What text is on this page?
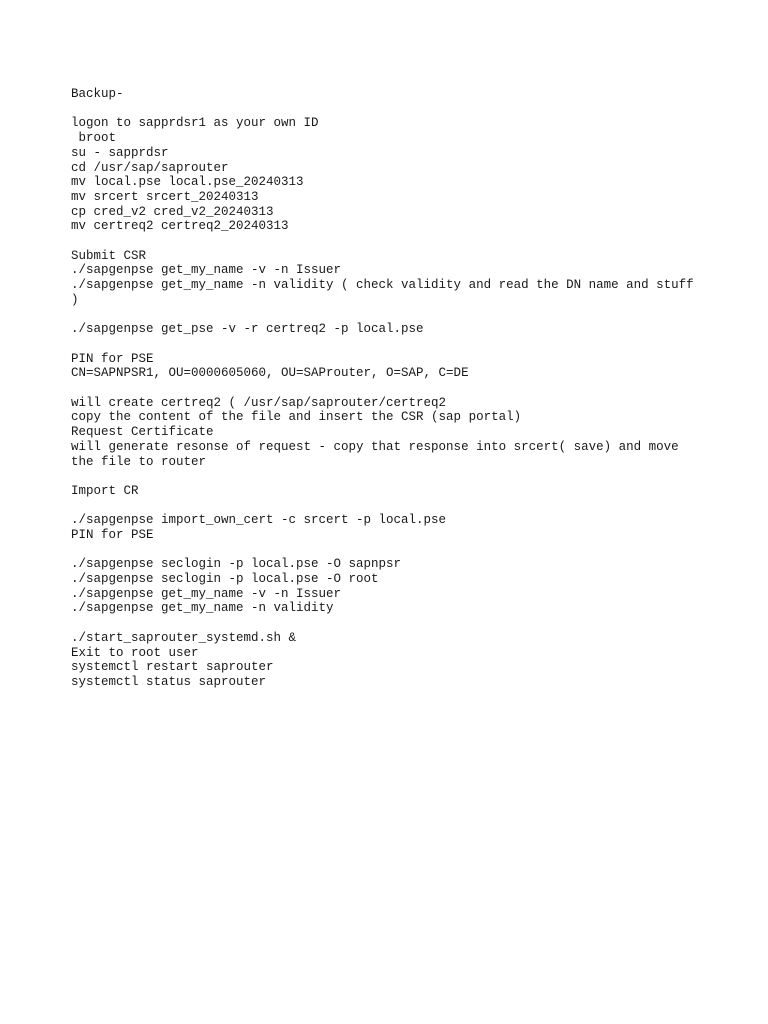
Backup-

logon to sapprdsr1 as your own ID

broot

su - sapprdsr

cd /usr/sap/saprouter

mv local.pse local.pse_20240313

mv srcert srcert_20240313

cp cred_v2 cred_v2_20240313

mv certreq2 certreq2_20240313

Submit CSR

./sapgenpse get_my_name -v -n Issuer

./sapgenpse get_my_name -n validity ( check validity and read the DN name and stuff

)

./sapgenpse get_pse -v -r certreq2 -p local.pse

PIN for PSE

CN=SAPNPSR1, OU=0000605060, OU=SAProuter, O=SAP, C=DE

will create certreq2 ( /usr/sap/saprouter/certreq2

copy the content of the file and insert the CSR (sap portal)

Request Certificate

will generate resonse of request - copy that response into srcert( save) and move

the file to router

Import CR

./sapgenpse import_own_cert -c srcert -p local.pse

PIN for PSE

./sapgenpse seclogin -p local.pse -O sapnpsr

./sapgenpse seclogin -p local.pse -O root

./sapgenpse get_my_name -v -n Issuer

./sapgenpse get_my_name -n validity

./start_saprouter_systemd.sh &

Exit to root user

systemctl restart saprouter

systemctl status saprouter
